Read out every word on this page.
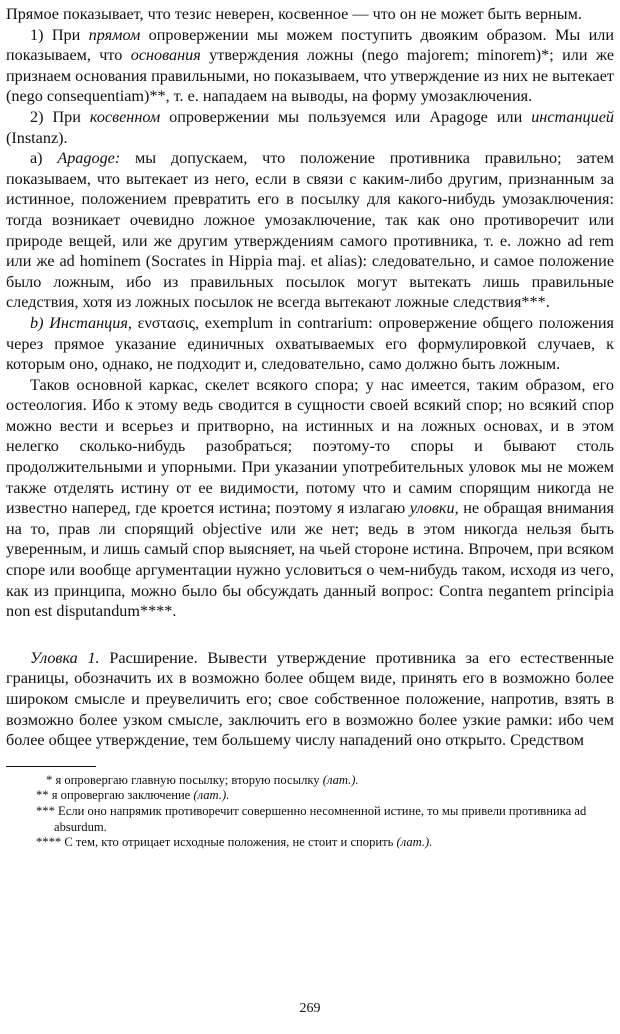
Прямое показывает, что тезис неверен, косвенное — что он не может быть верным.

1) При прямом опровержении мы можем поступить двояким образом. Мы или показываем, что основания утверждения ложны (nego majorem; minorem)*; или же признаем основания правильными, но показываем, что утверждение из них не вытекает (nego consequentiam)**, т. е. нападаем на выводы, на форму умозаключения.

2) При косвенном опровержении мы пользуемся или Apagoge или инстанцией (Instanz).

а) Apagoge: мы допускаем, что положение противника правильно; затем показываем, что вытекает из него, если в связи с каким-либо другим, признанным за истинное, положением превратить его в посылку для какого-нибудь умозаключения: тогда возникает очевидно ложное умозаключение, так как оно противоречит или природе вещей, или же другим утверждениям самого противника, т. е. ложно ad rem или же ad hominem (Socrates in Hippia maj. et alias): следовательно, и самое положение было ложным, ибо из правильных посылок могут вытекать лишь правильные следствия, хотя из ложных посылок не всегда вытекают ложные следствия***.

b) Инстанция, ενστασις, exemplum in contrarium: опровержение общего положения через прямое указание единичных охватываемых его формулировкой случаев, к которым оно, однако, не подходит и, следовательно, само должно быть ложным.

Таков основной каркас, скелет всякого спора; у нас имеется, таким образом, его остеология. Ибо к этому ведь сводится в сущности своей всякий спор; но всякий спор можно вести и всерьез и притворно, на истинных и на ложных основах, и в этом нелегко сколько-нибудь разобраться; поэтому-то споры и бывают столь продолжительными и упорными. При указании употребительных уловок мы не можем также отделять истину от ее видимости, потому что и самим спорящим никогда не известно наперед, где кроется истина; поэтому я излагаю уловки, не обращая внимания на то, прав ли спорящий objective или же нет; ведь в этом никогда нельзя быть уверенным, и лишь самый спор выясняет, на чьей стороне истина. Впрочем, при всяком споре или вообще аргументации нужно условиться о чем-нибудь таком, исходя из чего, как из принципа, можно было бы обсуждать данный вопрос: Contra negantem principia non est disputandum****.

Уловка 1. Расширение. Вывести утверждение противника за его естественные границы, обозначить их в возможно более общем виде, принять его в возможно более широком смысле и преувеличить его; свое собственное положение, напротив, взять в возможно более узком смысле, заключить его в возможно более узкие рамки: ибо чем более общее утверждение, тем большему числу нападений оно открыто. Средством

* я опровергаю главную посылку; вторую посылку (лат.).

** я опровергаю заключение (лат.).

*** Если оно напрямик противоречит совершенно несомненной истине, то мы привели противника ad absurdum.

**** С тем, кто отрицает исходные положения, не стоит и спорить (лат.).

269
